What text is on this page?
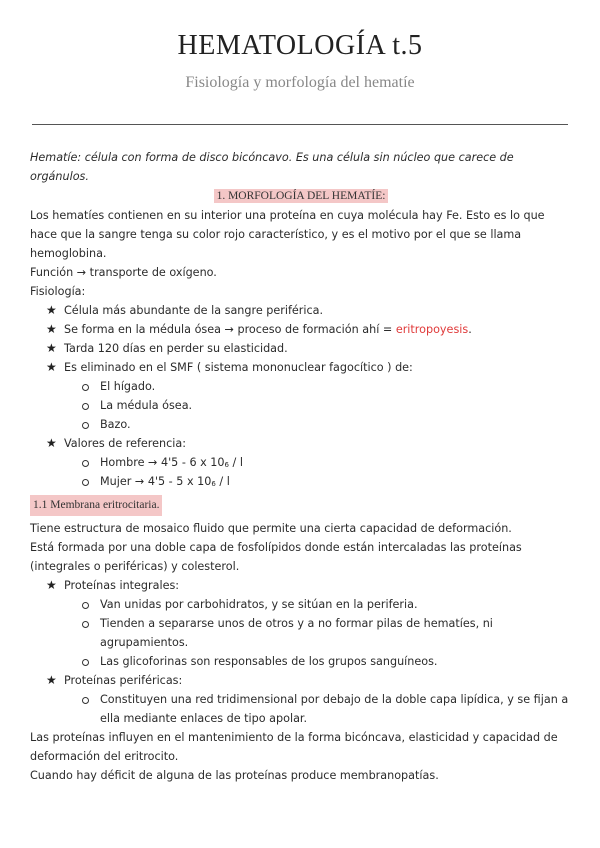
HEMATOLOGÍA t.5
Fisiología y morfología del hematíe

Hematíe: célula con forma de disco bicóncavo. Es una célula sin núcleo que carece de orgánulos.

1. MORFOLOGÍA DEL HEMATÍE:

Los hematíes contienen en su interior una proteína en cuya molécula hay Fe. Esto es lo que hace que la sangre tenga su color rojo característico, y es el motivo por el que se llama hemoglobina.

Función → transporte de oxígeno.

Fisiología:

★ Célula más abundante de la sangre periférica.
★ Se forma en la médula ósea → proceso de formación ahí = eritropoyesis.
★ Tarda 120 días en perder su elasticidad.
★ Es eliminado en el SMF ( sistema mononuclear fagocítico ) de:
El hígado.
La médula ósea.
Bazo.
★ Valores de referencia:
Hombre → 4'5 - 6 x $10^6$ / l
Mujer → 4'5 - 5 x $10^6$ / l

1.1 Membrana eritrocitaria.

Tiene estructura de mosaico fluido que permite una cierta capacidad de deformación.

Está formada por una doble capa de fosfolípidos donde están intercaladas las proteínas (integrales o periféricas) y colesterol.

★ Proteínas integrales:
Van unidas por carbohidratos, y se sitúan en la periferia.
Tienden a separarse unos de otros y a no formar pilas de hematíes, ni agrupamientos.
Las glicoforinas son responsables de los grupos sanguíneos.
★ Proteínas periféricas:
Constituyen una red tridimensional por debajo de la doble capa lipídica, y se fijan a ella mediante enlaces de tipo apolar.

Las proteínas influyen en el mantenimiento de la forma bicóncava, elasticidad y capacidad de deformación del eritrocito.

Cuando hay déficit de alguna de las proteínas produce membranopatías.
